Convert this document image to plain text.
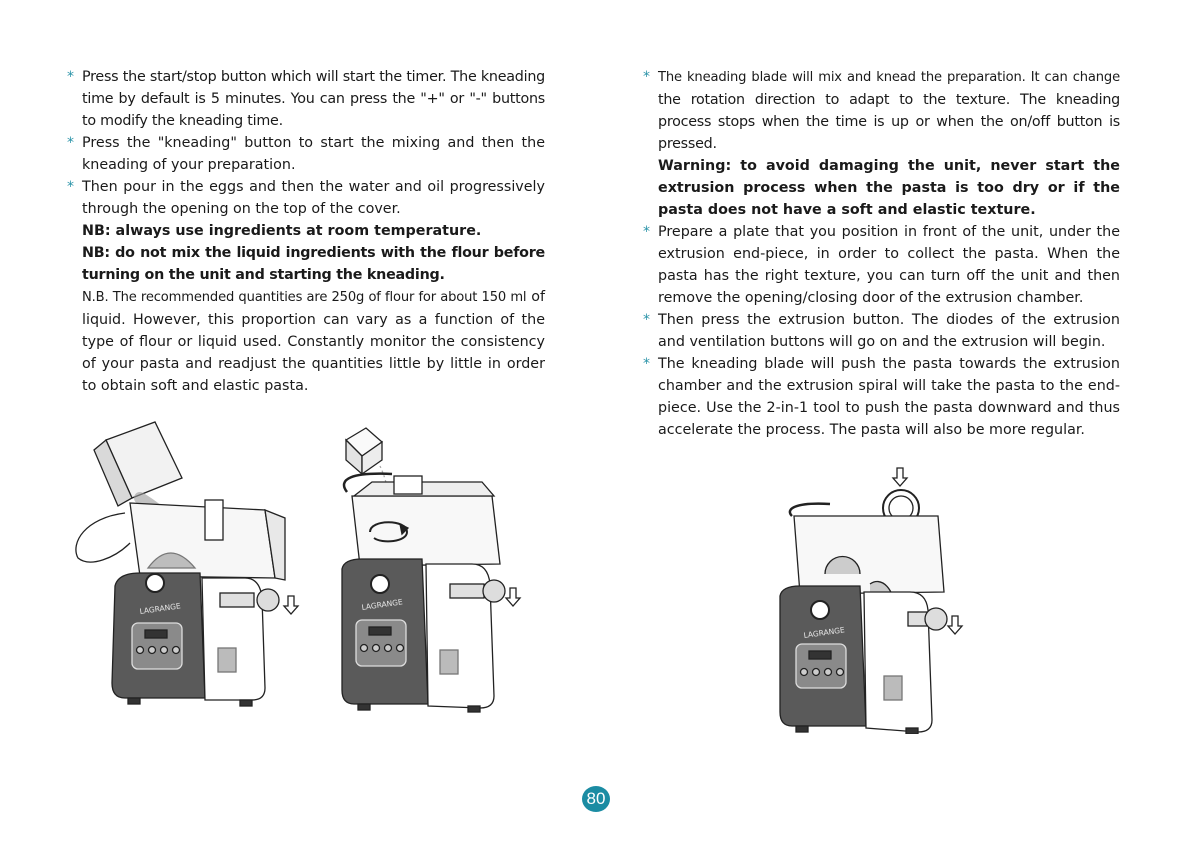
* Press the start/stop button which will start the timer. The kneading time by default is 5 minutes. You can press the "+" or "-" buttons to modify the kneading time.
* Press the "kneading" button to start the mixing and then the kneading of your preparation.
* Then pour in the eggs and then the water and oil progressively through the opening on the top of the cover.
NB: always use ingredients at room temperature.
NB: do not mix the liquid ingredients with the flour before turning on the unit and starting the kneading.
N.B. The recommended quantities are 250g of flour for about 150 ml of liquid. However, this proportion can vary as a function of the type of flour or liquid used. Constantly monitor the consistency of your pasta and readjust the quantities little by little in order to obtain soft and elastic pasta.
* The kneading blade will mix and knead the preparation. It can change the rotation direction to adapt to the texture. The kneading process stops when the time is up or when the on/off button is pressed.
Warning: to avoid damaging the unit, never start the extrusion process when the pasta is too dry or if the pasta does not have a soft and elastic texture.
* Prepare a plate that you position in front of the unit, under the extrusion end-piece, in order to collect the pasta. When the pasta has the right texture, you can turn off the unit and then remove the opening/closing door of the extrusion chamber.
* Then press the extrusion button. The diodes of the extrusion and ventilation buttons will go on and the extrusion will begin.
* The kneading blade will push the pasta towards the extrusion chamber and the extrusion spiral will take the pasta to the end-piece. Use the 2-in-1 tool to push the pasta downward and thus accelerate the process. The pasta will also be more regular.
LAGRANGE	LAGRANGE
LAGRANGE
80
